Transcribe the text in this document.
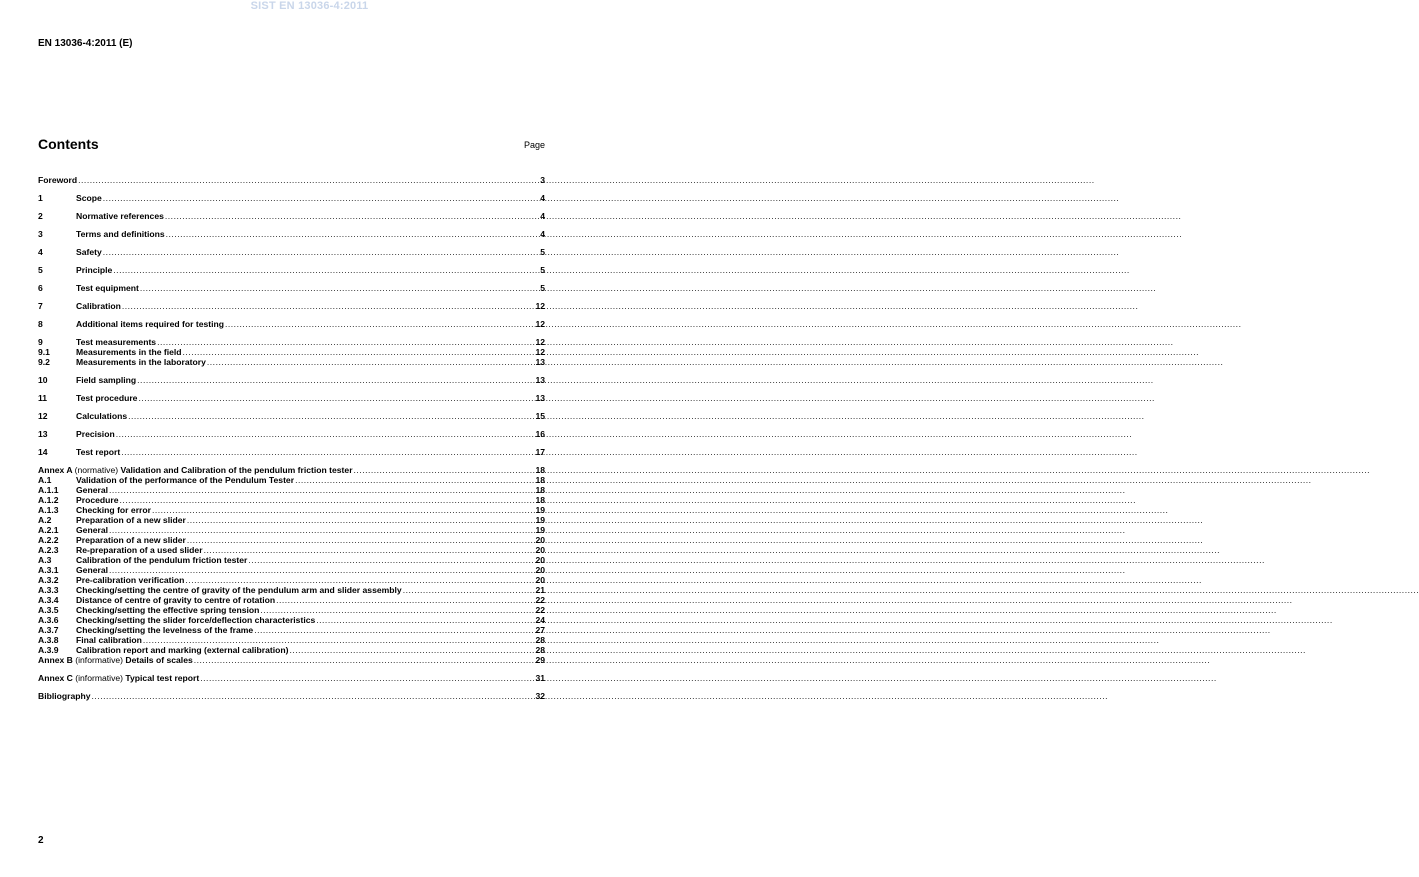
SIST EN 13036-4:2011
EN 13036-4:2011 (E)
Contents	Page
Foreword .....	3
1	Scope .....	4
2	Normative references .....	4
3	Terms and definitions .....	4
4	Safety .....	5
5	Principle .....	5
6	Test equipment .....	5
7	Calibration .....	12
8	Additional items required for testing .....	12
9	Test measurements .....	12
9.1	Measurements in the field .....	12
9.2	Measurements in the laboratory .....	13
10	Field sampling .....	13
11	Test procedure .....	13
12	Calculations .....	15
13	Precision .....	16
14	Test report .....	17
Annex A (normative) Validation and Calibration of the pendulum friction tester .....	18
A.1	Validation of the performance of the Pendulum Tester .....	18
A.1.1	General .....	18
A.1.2	Procedure .....	18
A.1.3	Checking for error .....	19
A.2	Preparation of a new slider .....	19
A.2.1	General .....	19
A.2.2	Preparation of a new slider .....	20
A.2.3	Re-preparation of a used slider .....	20
A.3	Calibration of the pendulum friction tester .....	20
A.3.1	General .....	20
A.3.2	Pre-calibration verification .....	20
A.3.3	Checking/setting the centre of gravity of the pendulum arm and slider assembly .....	21
A.3.4	Distance of centre of gravity to centre of rotation .....	22
A.3.5	Checking/setting the effective spring tension .....	22
A.3.6	Checking/setting the slider force/deflection characteristics .....	24
A.3.7	Checking/setting the levelness of the frame .....	27
A.3.8	Final calibration .....	28
A.3.9	Calibration report and marking (external calibration) .....	28
Annex B (informative) Details of scales .....	29
Annex C (informative) Typical test report .....	31
Bibliography .....	32
2
